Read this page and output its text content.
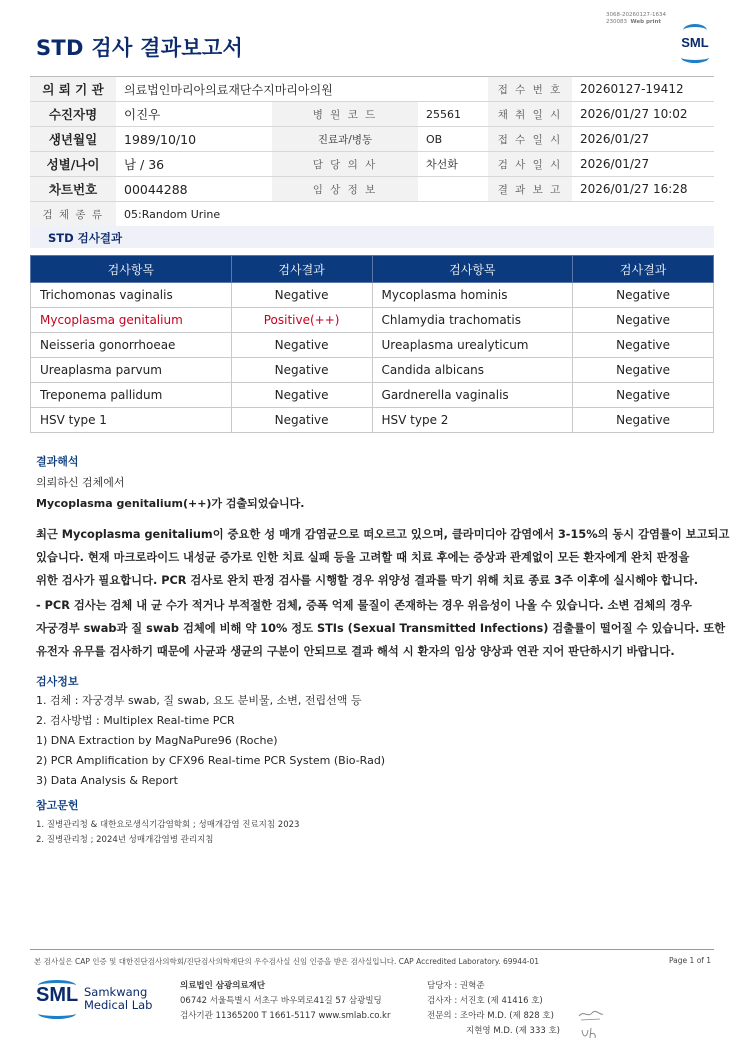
STD 검사 결과보고서
3068-20260127-1634
230083 Web print
SML
의 뢰 기 관	의료법인마리아의료재단수지마리아의원			접 수 번 호	20260127-19412
수진자명	이진우	병 원 코 드	25561	채 취 일 시	2026/01/27 10:02
생년월일	1989/10/10	진료과/병동	OB	접 수 일 시	2026/01/27
성별/나이	남 / 36	담 당 의 사	차선화	검 사 일 시	2026/01/27
차트번호	00044288	임 상 정 보		결 과 보 고	2026/01/27 16:28
검 체 종 류	05:Random Urine				
STD 검사결과
검사항목	검사결과	검사항목	검사결과
Trichomonas vaginalis	Negative	Mycoplasma hominis	Negative
Mycoplasma genitalium	Positive(++)	Chlamydia trachomatis	Negative
Neisseria gonorrhoeae	Negative	Ureaplasma urealyticum	Negative
Ureaplasma parvum	Negative	Candida albicans	Negative
Treponema pallidum	Negative	Gardnerella vaginalis	Negative
HSV type 1	Negative	HSV type 2	Negative
결과해석
의뢰하신 검체에서
Mycoplasma genitalium(++)가 검출되었습니다.
최근 Mycoplasma genitalium이 중요한 성 매개 감염균으로 떠오르고 있으며, 클라미디아 감염에서 3-15%의 동시 감염률이 보고되고
있습니다. 현재 마크로라이드 내성균 증가로 인한 치료 실패 등을 고려할 때 치료 후에는 증상과 관계없이 모든 환자에게 완치 판정을
위한 검사가 필요합니다. PCR 검사로 완치 판정 검사를 시행할 경우 위양성 결과를 막기 위해 치료 종료 3주 이후에 실시해야 합니다.
- PCR 검사는 검체 내 균 수가 적거나 부적절한 검체, 증폭 억제 물질이 존재하는 경우 위음성이 나올 수 있습니다. 소변 검체의 경우
자궁경부 swab과 질 swab 검체에 비해 약 10% 정도 STIs (Sexual Transmitted Infections) 검출률이 떨어질 수 있습니다. 또한
유전자 유무를 검사하기 때문에 사균과 생균의 구분이 안되므로 결과 해석 시 환자의 임상 양상과 연관 지어 판단하시기 바랍니다.
검사정보
1. 검체 : 자궁경부 swab, 질 swab, 요도 분비물, 소변, 전립선액 등
2. 검사방법 : Multiplex Real-time PCR
1) DNA Extraction by MagNaPure96 (Roche)
2) PCR Amplification by CFX96 Real-time PCR System (Bio-Rad)
3) Data Analysis & Report
참고문헌
1. 질병관리청 & 대한요로생식기감염학회 ; 성매개감염 진료지침 2023
2. 질병관리청 ; 2024년 성매개감염병 관리지침
본 검사실은 CAP 인증 및 대한진단검사의학회/진단검사의학재단의 우수검사실 신임 인증을 받은 검사실입니다. CAP Accredited Laboratory. 69944-01	Page 1 of 1
SML Samkwang
Medical Lab
의료법인 삼광의료재단
06742 서울특별시 서초구 바우뫼로41길 57 삼광빌딩
검사기관 11365200 T 1661-5117 www.smlab.co.kr
담당자 : 권혁준
검사자 : 서진호 (제 41416 호)
전문의 : 조아라 M.D. (제 828 호)
지현영 M.D. (제 333 호)
